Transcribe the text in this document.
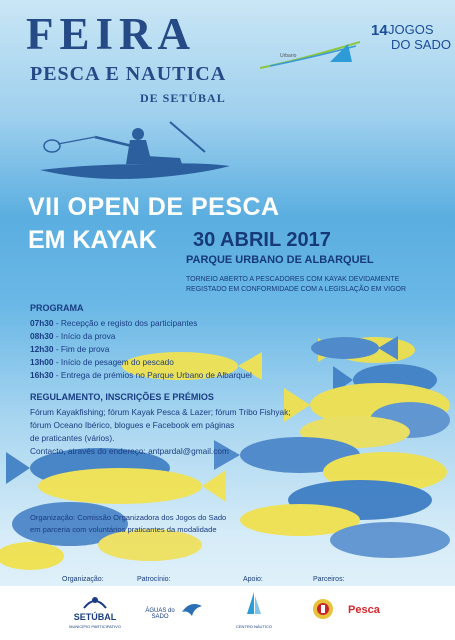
FEIRA
PESCA E NAUTICA
DE SETÚBAL
Urbano
14 JOGOS
DO SADO
VII OPEN DE PESCA
EM KAYAK 30 ABRIL 2017
PARQUE URBANO DE ALBARQUEL
TORNEIO ABERTO A PESCADORES COM KAYAK DEVIDAMENTE
REGISTADO EM CONFORMIDADE COM A LEGISLAÇÃO EM VIGOR
PROGRAMA
07h30 - Recepção e registo dos participantes
08h30 - Início da prova
12h30 - Fim de prova
13h00 - Início de pesagem do pescado
16h30 - Entrega de prémios no Parque Urbano de Albarquel
REGULAMENTO, INSCRIÇÕES E PRÉMIOS
Fórum Kayakfishing; fórum Kayak Pesca & Lazer; fórum Tribo Fishyak;
fórum Oceano Ibérico, blogues e Facebook em páginas
de praticantes (vários).
Contacto, através do endereço: antpardal@gmail.com
Organização: Comissão Organizadora dos Jogos do Sado
em parceria com voluntários praticantes da modalidade
Organização:	Patrocínio:	Apoio:	Parceiros:
SETÚBAL
MUNICÍPIO PARTICIPATIVO
ÁGUAS do SADO
CENTRO NÁUTICO
Pesca
